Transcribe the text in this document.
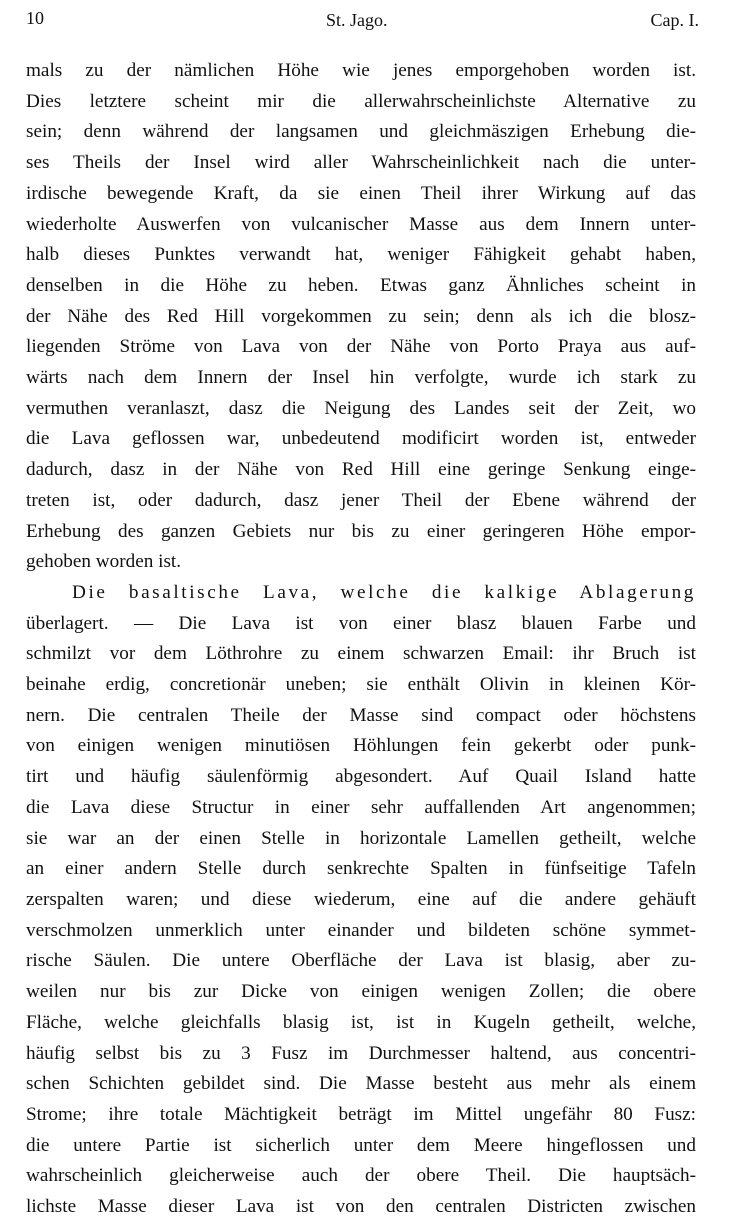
10	St. Jago.	Cap. I.
mals zu der nämlichen Höhe wie jenes emporgehoben worden ist.
Dies letztere scheint mir die allerwahrscheinlichste Alternative zu
sein; denn während der langsamen und gleichmäszigen Erhebung die-
ses Theils der Insel wird aller Wahrscheinlichkeit nach die unter-
irdische bewegende Kraft, da sie einen Theil ihrer Wirkung auf das
wiederholte Auswerfen von vulcanischer Masse aus dem Innern unter-
halb dieses Punktes verwandt hat, weniger Fähigkeit gehabt haben,
denselben in die Höhe zu heben. Etwas ganz Ähnliches scheint in
der Nähe des Red Hill vorgekommen zu sein; denn als ich die blosz-
liegenden Ströme von Lava von der Nähe von Porto Praya aus auf-
wärts nach dem Innern der Insel hin verfolgte, wurde ich stark zu
vermuthen veranlaszt, dasz die Neigung des Landes seit der Zeit, wo
die Lava geflossen war, unbedeutend modificirt worden ist, entweder
dadurch, dasz in der Nähe von Red Hill eine geringe Senkung einge-
treten ist, oder dadurch, dasz jener Theil der Ebene während der
Erhebung des ganzen Gebiets nur bis zu einer geringeren Höhe empor-
gehoben worden ist.
Die basaltische Lava, welche die kalkige Ablagerung
überlagert. — Die Lava ist von einer blasz blauen Farbe und
schmilzt vor dem Löthrohre zu einem schwarzen Email: ihr Bruch ist
beinahe erdig, concretionär uneben; sie enthält Olivin in kleinen Kör-
nern. Die centralen Theile der Masse sind compact oder höchstens
von einigen wenigen minutiösen Höhlungen fein gekerbt oder punk-
tirt und häufig säulenförmig abgesondert. Auf Quail Island hatte
die Lava diese Structur in einer sehr auffallenden Art angenommen;
sie war an der einen Stelle in horizontale Lamellen getheilt, welche
an einer andern Stelle durch senkrechte Spalten in fünfseitige Tafeln
zerspalten waren; und diese wiederum, eine auf die andere gehäuft
verschmolzen unmerklich unter einander und bildeten schöne symmet-
rische Säulen. Die untere Oberfläche der Lava ist blasig, aber zu-
weilen nur bis zur Dicke von einigen wenigen Zollen; die obere
Fläche, welche gleichfalls blasig ist, ist in Kugeln getheilt, welche,
häufig selbst bis zu 3 Fusz im Durchmesser haltend, aus concentri-
schen Schichten gebildet sind. Die Masse besteht aus mehr als einem
Strome; ihre totale Mächtigkeit beträgt im Mittel ungefähr 80 Fusz:
die untere Partie ist sicherlich unter dem Meere hingeflossen und
wahrscheinlich gleicherweise auch der obere Theil. Die hauptsäch-
lichste Masse dieser Lava ist von den centralen Districten zwischen
